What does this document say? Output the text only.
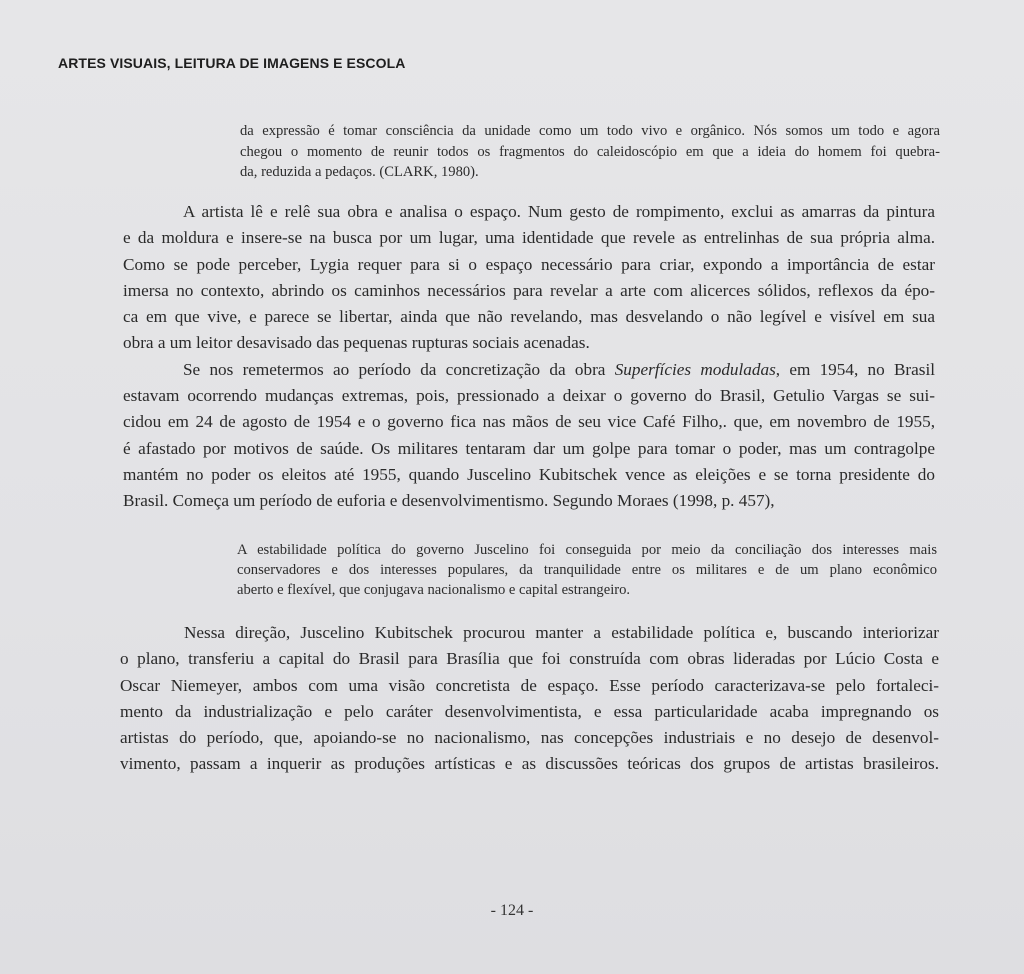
ARTES VISUAIS, LEITURA DE IMAGENS E ESCOLA
da expressão é tomar consciência da unidade como um todo vivo e orgânico. Nós somos um todo e agora
chegou o momento de reunir todos os fragmentos do caleidoscópio em que a ideia do homem foi quebra-
da, reduzida a pedaços. (CLARK, 1980).
A artista lê e relê sua obra e analisa o espaço. Num gesto de rompimento, exclui as amarras da pintura
e da moldura e insere-se na busca por um lugar, uma identidade que revele as entrelinhas de sua própria alma.
Como se pode perceber, Lygia requer para si o espaço necessário para criar, expondo a importância de estar
imersa no contexto, abrindo os caminhos necessários para revelar a arte com alicerces sólidos, reflexos da épo-
ca em que vive, e parece se libertar, ainda que não revelando, mas desvelando o não legível e visível em sua
obra a um leitor desavisado das pequenas rupturas sociais acenadas.
Se nos remetermos ao período da concretização da obra Superfícies moduladas, em 1954, no Brasil
estavam ocorrendo mudanças extremas, pois, pressionado a deixar o governo do Brasil, Getulio Vargas se sui-
cidou em 24 de agosto de 1954 e o governo fica nas mãos de seu vice Café Filho,. que, em novembro de 1955,
é afastado por motivos de saúde. Os militares tentaram dar um golpe para tomar o poder, mas um contragolpe
mantém no poder os eleitos até 1955, quando Juscelino Kubitschek vence as eleições e se torna presidente do
Brasil. Começa um período de euforia e desenvolvimentismo. Segundo Moraes (1998, p. 457),
A estabilidade política do governo Juscelino foi conseguida por meio da conciliação dos interesses mais
conservadores e dos interesses populares, da tranquilidade entre os militares e de um plano econômico
aberto e flexível, que conjugava nacionalismo e capital estrangeiro.
Nessa direção, Juscelino Kubitschek procurou manter a estabilidade política e, buscando interiorizar
o plano, transferiu a capital do Brasil para Brasília que foi construída com obras lideradas por Lúcio Costa e
Oscar Niemeyer, ambos com uma visão concretista de espaço. Esse período caracterizava-se pelo fortaleci-
mento da industrialização e pelo caráter desenvolvimentista, e essa particularidade acaba impregnando os
artistas do período, que, apoiando-se no nacionalismo, nas concepções industriais e no desejo de desenvol-
vimento, passam a inquerir as produções artísticas e as discussões teóricas dos grupos de artistas brasileiros.
- 124 -
